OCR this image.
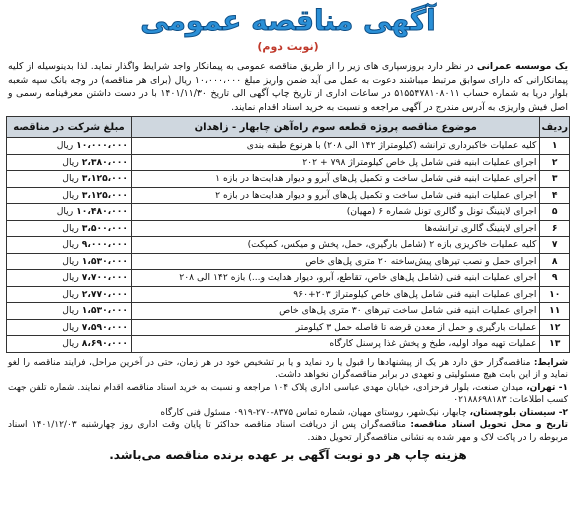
آگهی مناقصه عمومی
(نوبت دوم)
یک موسسه عمرانی در نظر دارد بروزسپاری های زیر را از طریق مناقصه عمومی به پیمانکار واجد شرایط واگذار نماید. لذا بدینوسیله از کلیه پیمانکارانی که دارای سوابق مرتبط میباشند دعوت به عمل می آید ضمن واریز مبلغ ۱۰،۰۰۰،۰۰۰ ریال (برای هر مناقصه) در وجه بانک سپه شعبه بلوار دریا به شماره حساب ۵۱۵۵۴۷۸۱۰۸۰۱۱ در ساعات اداری از تاریخ چاپ آگهی الی تاریخ ۱۴۰۱/۱۱/۳۰ با در دست داشتن معرفینامه رسمی و اصل فیش واریزی به آدرس مندرج در آگهی مراجعه و نسبت به خرید اسناد اقدام نمایند.
ردیف	موضوع مناقصه پروژه قطعه سوم راه‌آهن چابهار - زاهدان	مبلغ شرکت در مناقصه
۱	کلیه عملیات خاکبرداری ترانشه (کیلومتراژ ۱۴۲ الی ۲۰۸) با هرنوع طبقه بندی	۱۰،۰۰۰،۰۰۰ریال
۲	اجرای عملیات ابنیه فنی شامل پل خاص کیلومتراژ ۷۹۸ + ۲۰۲	۲،۳۸۰،۰۰۰ریال
۳	اجرای عملیات ابنیه فنی شامل ساخت و تکمیل پل‌های آبرو و دیوار هدایت‌ها در بازه ۱	۳،۱۲۵،۰۰۰ریال
۴	اجرای عملیات ابنیه فنی شامل ساخت و تکمیل پل‌های آبرو و دیوار هدایت‌ها در بازه ۲	۳،۱۲۵،۰۰۰ریال
۵	اجرای لاینینگ تونل و گالری تونل شماره ۶ (مهیان)	۱۰،۴۸۰،۰۰۰ریال
۶	اجرای لاینینگ گالری ترانشه‌ها	۳،۵۰۰،۰۰۰ریال
۷	کلیه عملیات خاکریزی بازه ۲ (شامل بارگیری، حمل، پخش و میکس، کمپکت)	۹،۰۰۰،۰۰۰ریال
۸	اجرای حمل و نصب تیرهای پیش‌ساخته ۲۰ متری پل‌های خاص	۱،۵۳۰،۰۰۰ریال
۹	اجرای عملیات ابنیه فنی (شامل پل‌های خاص، تقاطع، آبرو، دیوار هدایت و...) بازه ۱۴۲ الی ۲۰۸	۷،۷۰۰،۰۰۰ریال
۱۰	اجرای عملیات ابنیه فنی شامل پل‌های خاص کیلومتراژ ۲۰۳+۹۶۰	۲،۷۷۰،۰۰۰ریال
۱۱	اجرای عملیات ابنیه فنی شامل ساخت تیرهای ۳۰ متری پل‌های خاص	۱،۵۳۰،۰۰۰ریال
۱۲	عملیات بارگیری و حمل از معدن قرضه تا فاصله حمل ۳ کیلومتر	۷،۵۹۰،۰۰۰ریال
۱۳	عملیات تهیه مواد اولیه، طبخ و پخش غذا پرسنل کارگاه	۸،۶۹۰،۰۰۰ریال
شرایط: مناقصه‌گزار حق دارد هر یک از پیشنهادها را قبول یا رد نماید و یا بر تشخیص خود در هر زمان، حتی در آخرین مراحل، فرایند مناقصه را لغو نماید و از این بابت هیچ مسئولیتی و تعهدی در برابر مناقصه‌گران نخواهد داشت.
۱- تهران، میدان صنعت، بلوار فرحزادی، خیابان مهدی عباسی اداری پلاک ۱۰۴ مراجعه و نسبت به خرید اسناد مناقصه اقدام نمایند. شماره تلفن جهت کسب اطلاعات: ۰۲۱۸۸۶۹۸۱۸۳
۲- سیستان بلوچستان، چابهار، نیک‌شهر، روستای مهیان، شماره تماس ۸۳۷۵-۲۷۰-۰۹۱۹ مسئول فنی کارگاه
تاریخ و محل تحویل اسناد مناقصه: مناقصه‌گران پس از دریافت اسناد مناقصه حداکثر تا پایان وقت اداری روز چهارشنبه ۱۴۰۱/۱۲/۰۳ اسناد مربوطه را در پاکت لاک و مهر شده به نشانی مناقصه‌گزار تحویل دهند.
هزینه چاپ هر دو نوبت آگهی بر عهده برنده مناقصه می‌باشد.
